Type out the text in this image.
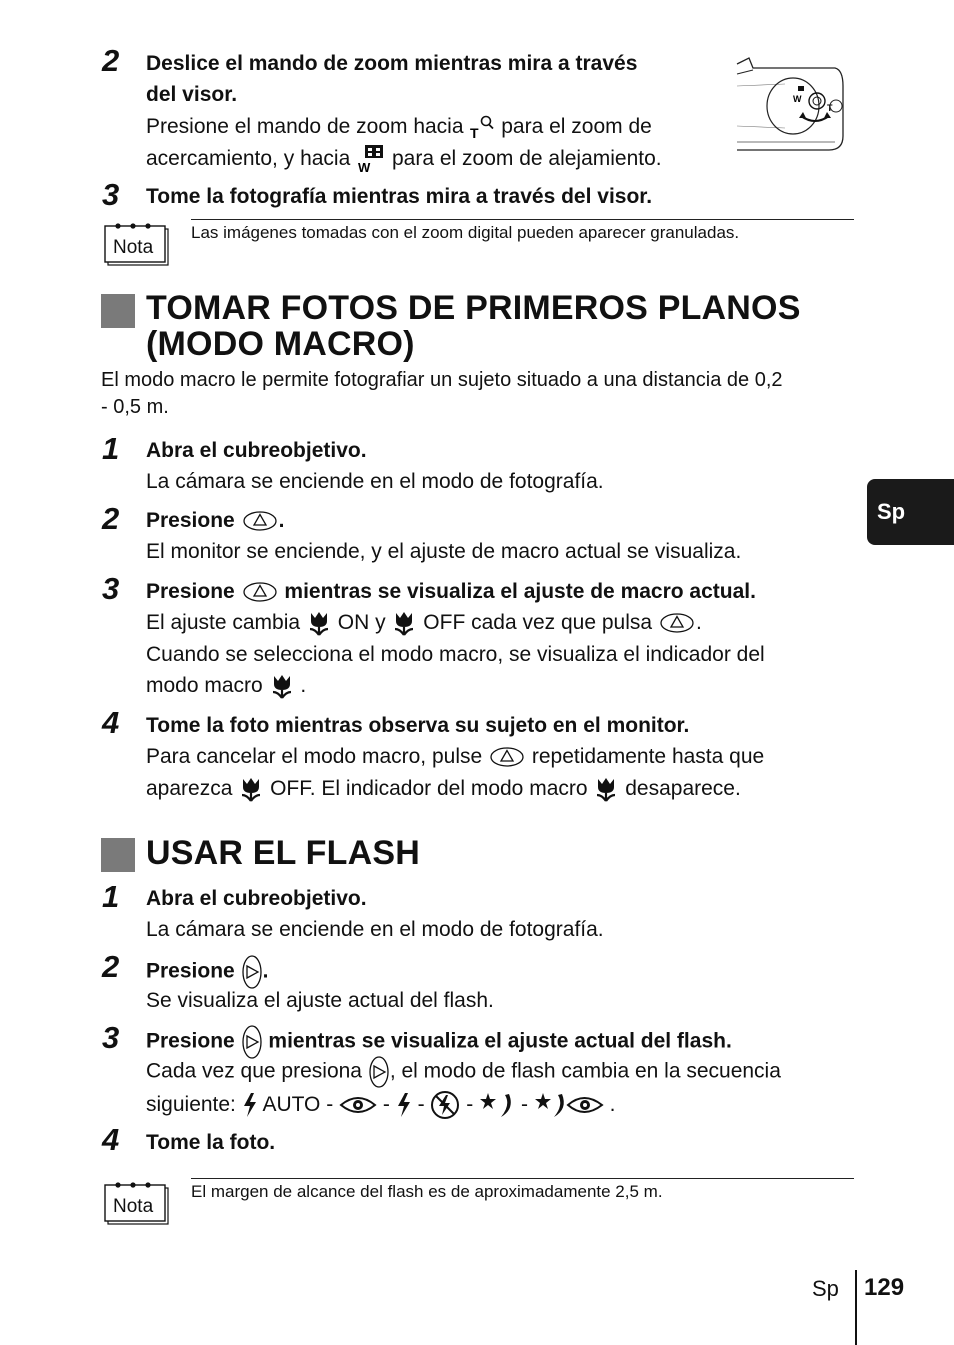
2	Deslice el mando de zoom mientras mira a través
del visor.
Presione el mando de zoom hacia T para el zoom de
acercamiento, y hacia W para el zoom de alejamiento.
W
T
3	Tome la fotografía mientras mira a través del visor.
Nota
Las imágenes tomadas con el zoom digital pueden aparecer granuladas.
TOMAR FOTOS DE PRIMEROS PLANOS
(MODO MACRO)
El modo macro le permite fotografiar un sujeto situado a una distancia de 0,2
- 0,5 m.
1	Abra el cubreobjetivo.
La cámara se enciende en el modo de fotografía.
2	Presione .
El monitor se enciende, y el ajuste de macro actual se visualiza.
3	Presione mientras se visualiza el ajuste de macro actual.
El ajuste cambia ON y OFF cada vez que pulsa .
Cuando se selecciona el modo macro, se visualiza el indicador del
modo macro .
4	Tome la foto mientras observa su sujeto en el monitor.
Para cancelar el modo macro, pulse repetidamente hasta que
aparezca OFF. El indicador del modo macro desaparece.
USAR EL FLASH
1	Abra el cubreobjetivo.
La cámara se enciende en el modo de fotografía.
2	Presione .
Se visualiza el ajuste actual del flash.
3	Presione mientras se visualiza el ajuste actual del flash.
Cada vez que presiona , el modo de flash cambia en la secuencia
siguiente: AUTO - - - - -	.
4	Tome la foto.
Nota
El margen de alcance del flash es de aproximadamente 2,5 m.
Sp
Sp 129
